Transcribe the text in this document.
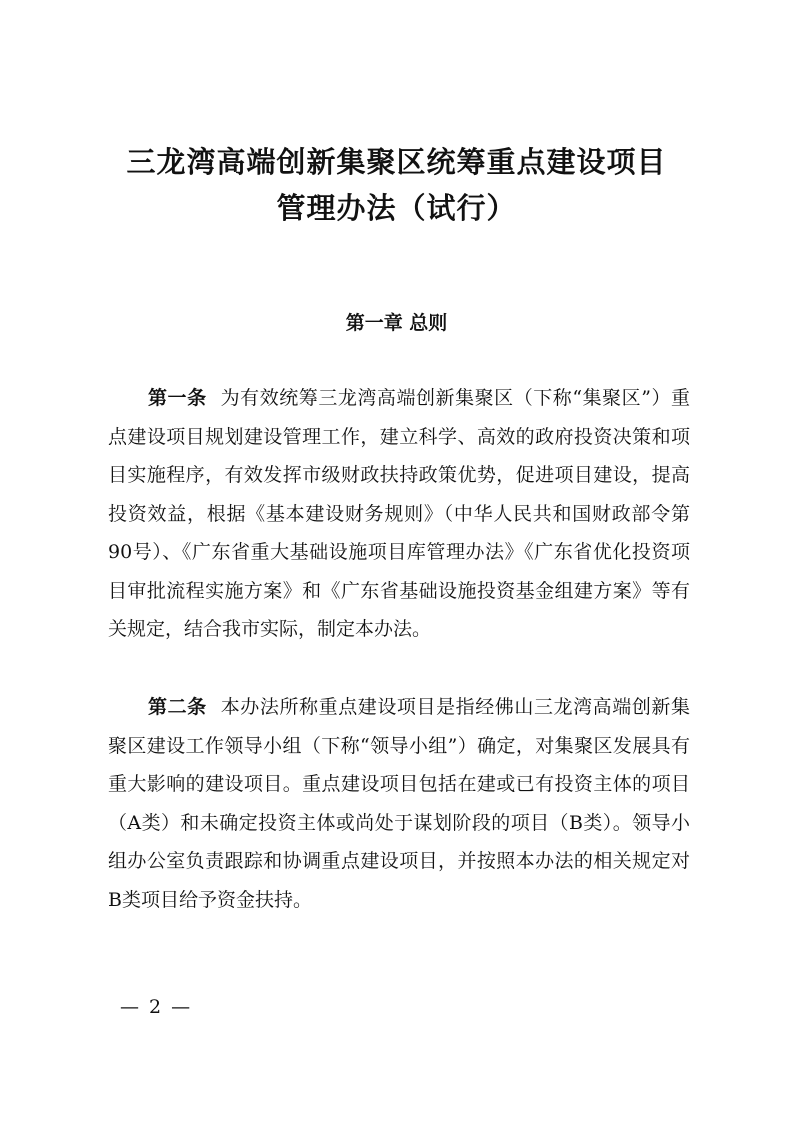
三龙湾高端创新集聚区统筹重点建设项目
管理办法（试行）
第一章 总则

第一条 为有效统筹三龙湾高端创新集聚区（下称“集聚区”）重点建设项目规划建设管理工作，建立科学、高效的政府投资决策和项目实施程序，有效发挥市级财政扶持政策优势，促进项目建设，提高投资效益，根据《基本建设财务规则》（中华人民共和国财政部令第90号）、《广东省重大基础设施项目库管理办法》《广东省优化投资项目审批流程实施方案》和《广东省基础设施投资基金组建方案》等有关规定，结合我市实际，制定本办法。

第二条 本办法所称重点建设项目是指经佛山三龙湾高端创新集聚区建设工作领导小组（下称“领导小组”）确定，对集聚区发展具有重大影响的建设项目。重点建设项目包括在建或已有投资主体的项目（A类）和未确定投资主体或尚处于谋划阶段的项目（B类）。领导小组办公室负责跟踪和协调重点建设项目，并按照本办法的相关规定对B类项目给予资金扶持。

— 2 —
